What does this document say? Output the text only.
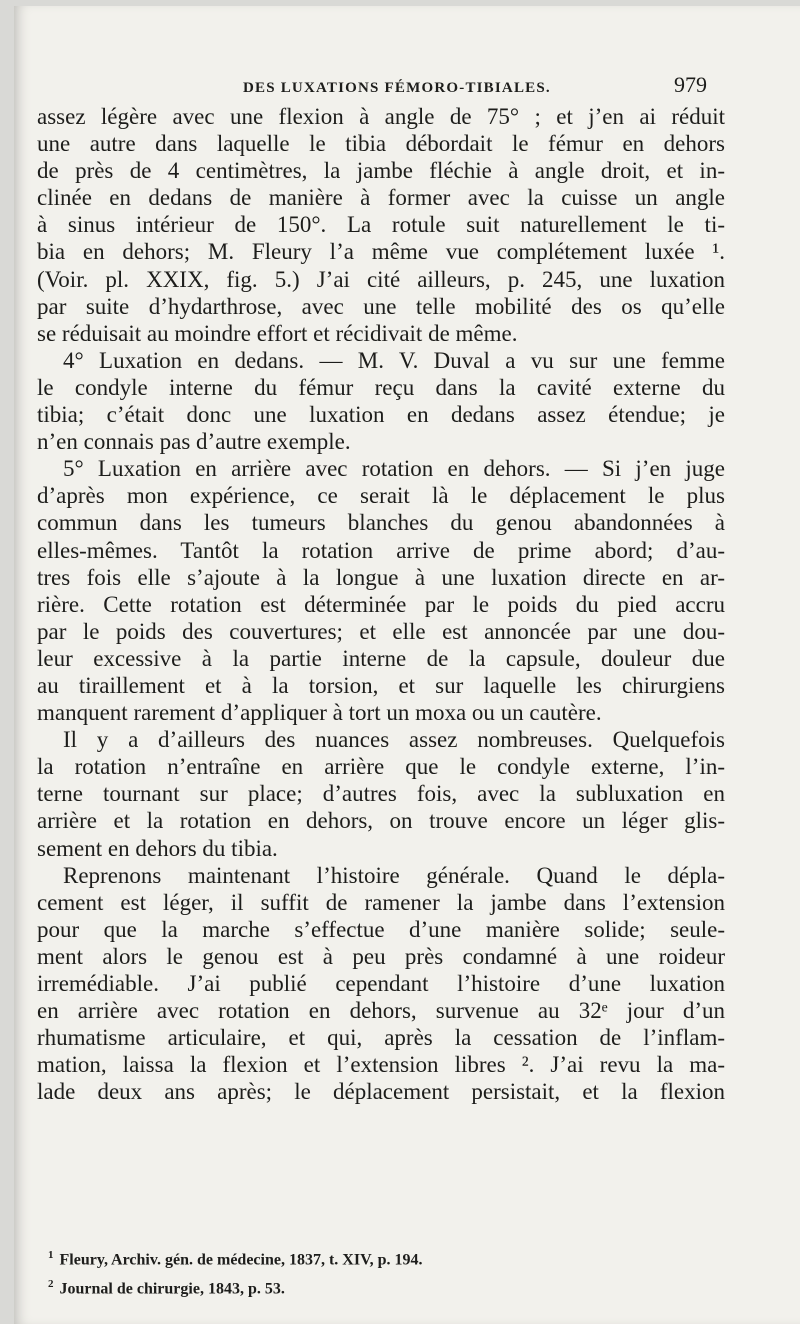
DES LUXATIONS FÉMORO-TIBIALES.	979
assez légère avec une flexion à angle de 75° ; et j’en ai réduit
une autre dans laquelle le tibia débordait le fémur en dehors
de près de 4 centimètres, la jambe fléchie à angle droit, et in-
clinée en dedans de manière à former avec la cuisse un angle
à sinus intérieur de 150°. La rotule suit naturellement le ti-
bia en dehors; M. Fleury l’a même vue complétement luxée ¹.
(Voir. pl. XXIX, fig. 5.) J’ai cité ailleurs, p. 245, une luxation
par suite d’hydarthrose, avec une telle mobilité des os qu’elle
se réduisait au moindre effort et récidivait de même.
4° Luxation en dedans. — M. V. Duval a vu sur une femme
le condyle interne du fémur reçu dans la cavité externe du
tibia; c’était donc une luxation en dedans assez étendue; je
n’en connais pas d’autre exemple.
5° Luxation en arrière avec rotation en dehors. — Si j’en juge
d’après mon expérience, ce serait là le déplacement le plus
commun dans les tumeurs blanches du genou abandonnées à
elles-mêmes. Tantôt la rotation arrive de prime abord; d’au-
tres fois elle s’ajoute à la longue à une luxation directe en ar-
rière. Cette rotation est déterminée par le poids du pied accru
par le poids des couvertures; et elle est annoncée par une dou-
leur excessive à la partie interne de la capsule, douleur due
au tiraillement et à la torsion, et sur laquelle les chirurgiens
manquent rarement d’appliquer à tort un moxa ou un cautère.
Il y a d’ailleurs des nuances assez nombreuses. Quelquefois
la rotation n’entraîne en arrière que le condyle externe, l’in-
terne tournant sur place; d’autres fois, avec la subluxation en
arrière et la rotation en dehors, on trouve encore un léger glis-
sement en dehors du tibia.
Reprenons maintenant l’histoire générale. Quand le dépla-
cement est léger, il suffit de ramener la jambe dans l’extension
pour que la marche s’effectue d’une manière solide; seule-
ment alors le genou est à peu près condamné à une roideur
irremédiable. J’ai publié cependant l’histoire d’une luxation
en arrière avec rotation en dehors, survenue au 32ᵉ jour d’un
rhumatisme articulaire, et qui, après la cessation de l’inflam-
mation, laissa la flexion et l’extension libres ². J’ai revu la ma-
lade deux ans après; le déplacement persistait, et la flexion
$^1$ Fleury, Archiv. gén. de médecine, 1837, t. XIV, p. 194.
$^2$ Journal de chirurgie, 1843, p. 53.
